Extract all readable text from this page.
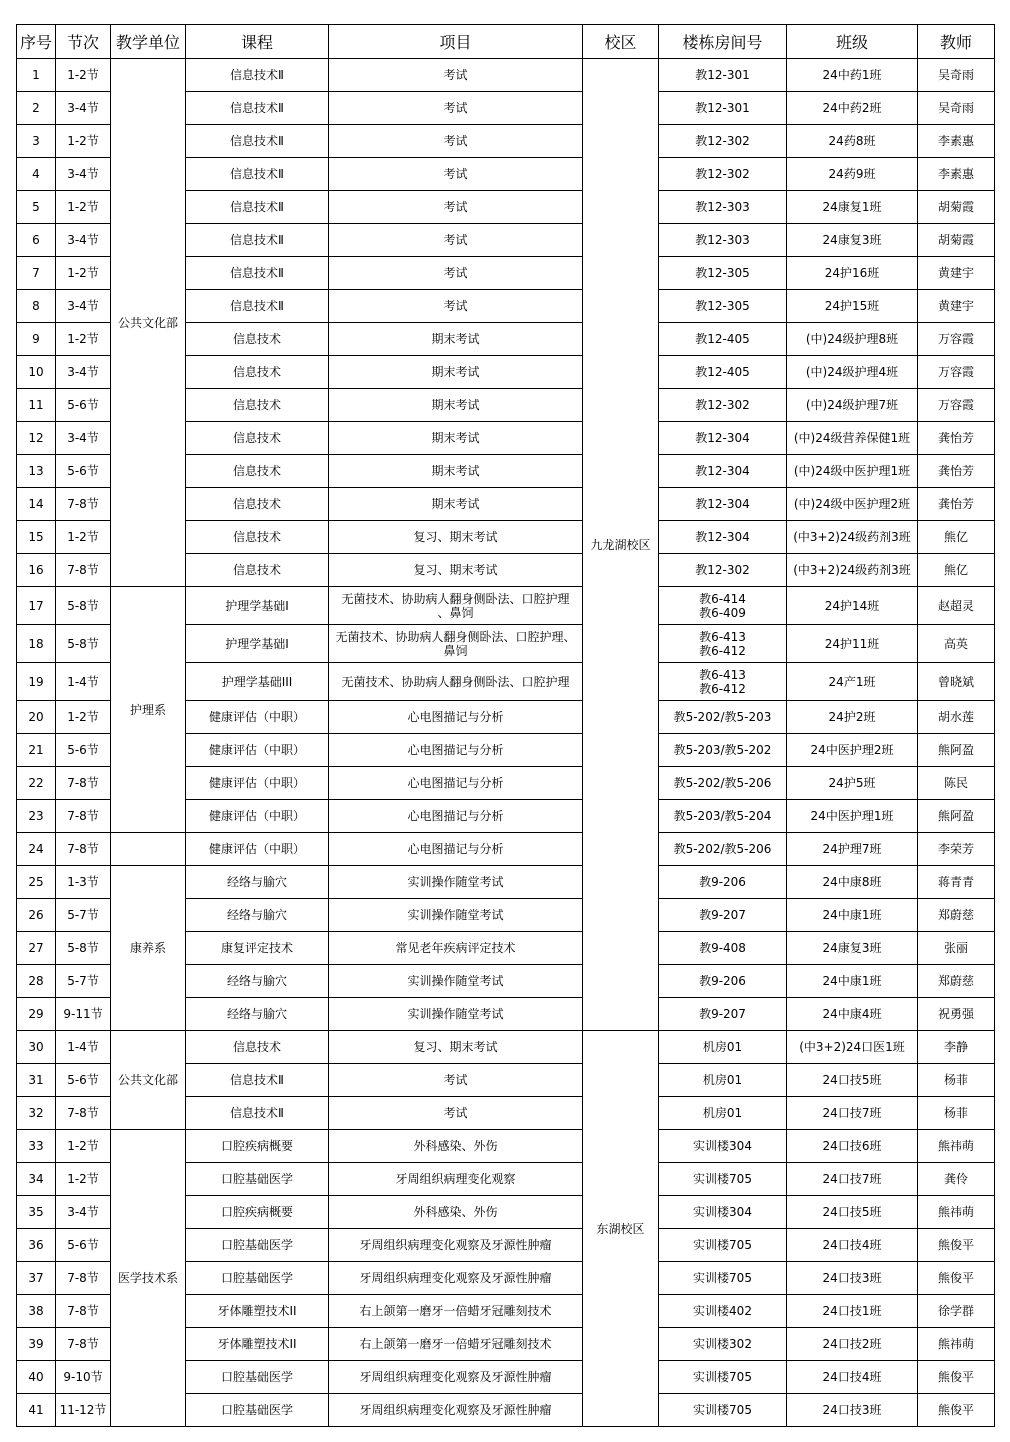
序号	节次	教学单位	课程	项目	校区	楼栋房间号	班级	教师
1	1-2节	公共文化部	信息技术Ⅱ	考试	九龙湖校区	教12-301	24中药1班	吴奇雨
2	3-4节		信息技术Ⅱ	考试		教12-301	24中药2班	吴奇雨
3	1-2节		信息技术Ⅱ	考试		教12-302	24药8班	李素惠
4	3-4节		信息技术Ⅱ	考试		教12-302	24药9班	李素惠
5	1-2节		信息技术Ⅱ	考试		教12-303	24康复1班	胡菊霞
6	3-4节		信息技术Ⅱ	考试		教12-303	24康复3班	胡菊霞
7	1-2节		信息技术Ⅱ	考试		教12-305	24护16班	黄建宇
8	3-4节		信息技术Ⅱ	考试		教12-305	24护15班	黄建宇
9	1-2节		信息技术	期末考试		教12-405	(中)24级护理8班	万容霞
10	3-4节		信息技术	期末考试		教12-405	(中)24级护理4班	万容霞
11	5-6节		信息技术	期末考试		教12-302	(中)24级护理7班	万容霞
12	3-4节		信息技术	期末考试		教12-304	(中)24级营养保健1班	龚怡芳
13	5-6节		信息技术	期末考试		教12-304	(中)24级中医护理1班	龚怡芳
14	7-8节		信息技术	期末考试		教12-304	(中)24级中医护理2班	龚怡芳
15	1-2节		信息技术	复习、期末考试		教12-304	(中3+2)24级药剂3班	熊亿
16	7-8节		信息技术	复习、期末考试		教12-302	(中3+2)24级药剂3班	熊亿
17	5-8节	护理系	护理学基础I	无菌技术、协助病人翻身侧卧法、口腔护理
、鼻饲		教6-414
教6-409	24护14班	赵超灵
18	5-8节		护理学基础I	无菌技术、协助病人翻身侧卧法、口腔护理、
鼻饲		教6-413
教6-412	24护11班	高英
19	1-4节		护理学基础III	无菌技术、协助病人翻身侧卧法、口腔护理		教6-413
教6-412	24产1班	曾晓斌
20	1-2节		健康评估（中职）	心电图描记与分析		教5-202/教5-203	24护2班	胡水莲
21	5-6节		健康评估（中职）	心电图描记与分析		教5-203/教5-202	24中医护理2班	熊阿盈
22	7-8节		健康评估（中职）	心电图描记与分析		教5-202/教5-206	24护5班	陈民
23	7-8节		健康评估（中职）	心电图描记与分析		教5-203/教5-204	24中医护理1班	熊阿盈
24	7-8节		健康评估（中职）	心电图描记与分析		教5-202/教5-206	24护理7班	李荣芳
25	1-3节	康养系	经络与腧穴	实训操作随堂考试		教9-206	24中康8班	蒋青青
26	5-7节		经络与腧穴	实训操作随堂考试		教9-207	24中康1班	郑蔚慈
27	5-8节		康复评定技术	常见老年疾病评定技术		教9-408	24康复3班	张丽
28	5-7节		经络与腧穴	实训操作随堂考试		教9-206	24中康1班	郑蔚慈
29	9-11节		经络与腧穴	实训操作随堂考试		教9-207	24中康4班	祝勇强
30	1-4节	公共文化部	信息技术	复习、期末考试	东湖校区	机房01	(中3+2)24口医1班	李静
31	5-6节		信息技术Ⅱ	考试		机房01	24口技5班	杨菲
32	7-8节		信息技术Ⅱ	考试		机房01	24口技7班	杨菲
33	1-2节	医学技术系	口腔疾病概要	外科感染、外伤		实训楼304	24口技6班	熊祎萌
34	1-2节		口腔基础医学	牙周组织病理变化观察		实训楼705	24口技7班	龚伶
35	3-4节		口腔疾病概要	外科感染、外伤		实训楼304	24口技5班	熊祎萌
36	5-6节		口腔基础医学	牙周组织病理变化观察及牙源性肿瘤		实训楼705	24口技4班	熊俊平
37	7-8节		口腔基础医学	牙周组织病理变化观察及牙源性肿瘤		实训楼705	24口技3班	熊俊平
38	7-8节		牙体雕塑技术II	右上颌第一磨牙一倍蜡牙冠雕刻技术		实训楼402	24口技1班	徐学群
39	7-8节		牙体雕塑技术II	右上颌第一磨牙一倍蜡牙冠雕刻技术		实训楼302	24口技2班	熊祎萌
40	9-10节		口腔基础医学	牙周组织病理变化观察及牙源性肿瘤		实训楼705	24口技4班	熊俊平
41	11-12节		口腔基础医学	牙周组织病理变化观察及牙源性肿瘤		实训楼705	24口技3班	熊俊平
